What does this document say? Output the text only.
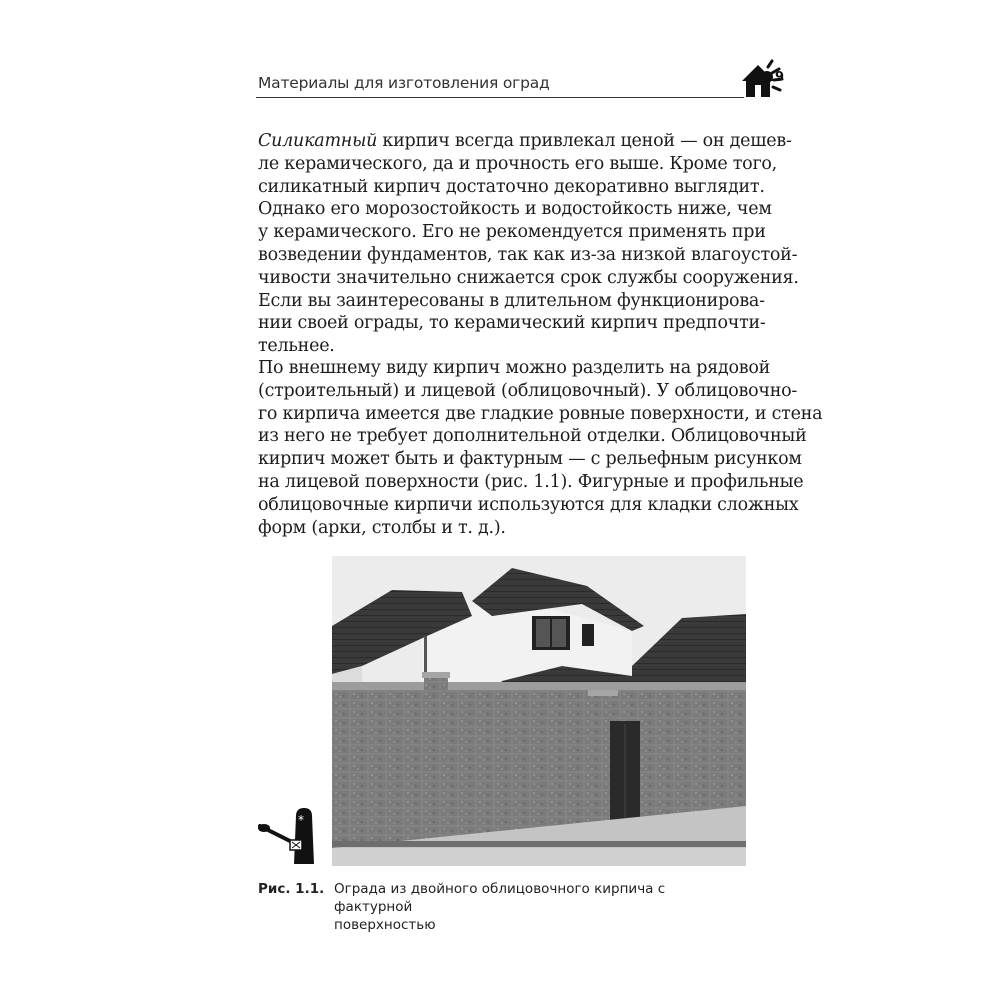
Материалы для изготовления оград	9
Силикатный кирпич всегда привлекал ценой — он дешев-
ле керамического, да и прочность его выше. Кроме того,
силикатный кирпич достаточно декоративно выглядит.
Однако его морозостойкость и водостойкость ниже, чем
у керамического. Его не рекомендуется применять при
возведении фундаментов, так как из-за низкой влагоустой-
чивости значительно снижается срок службы сооружения.
Если вы заинтересованы в длительном функционирова-
нии своей ограды, то керамический кирпич предпочти-
тельнее.
По внешнему виду кирпич можно разделить на рядовой
(строительный) и лицевой (облицовочный). У облицовочно-
го кирпича имеется две гладкие ровные поверхности, и стена
из него не требует дополнительной отделки. Облицовочный
кирпич может быть и фактурным — с рельефным рисунком
на лицевой поверхности (рис. 1.1). Фигурные и профильные
облицовочные кирпичи используются для кладки сложных
форм (арки, столбы и т. д.).
*
Рис. 1.1. Ограда из двойного облицовочного кирпича с фактурной
поверхностью
